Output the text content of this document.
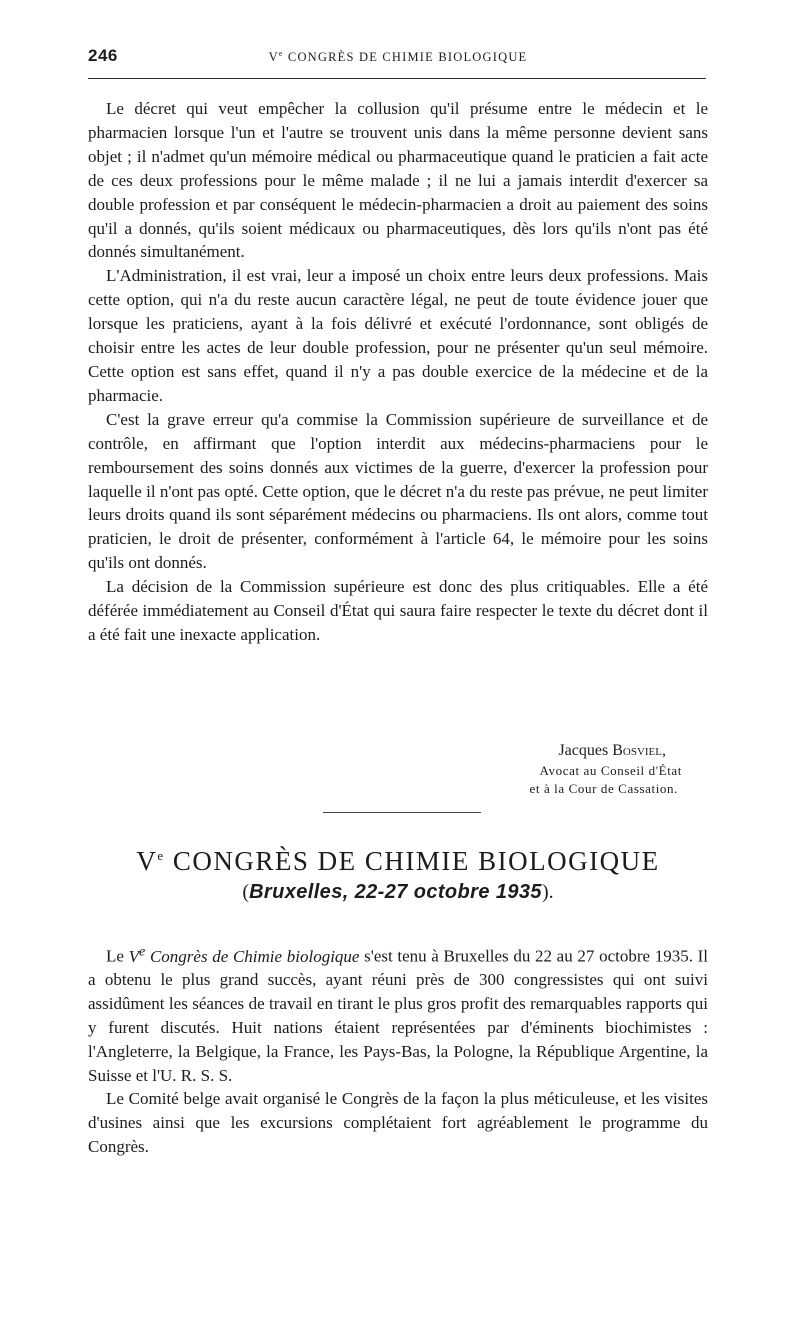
246	Ve CONGRÈS DE CHIMIE BIOLOGIQUE

Le décret qui veut empêcher la collusion qu'il présume entre le médecin et le pharmacien lorsque l'un et l'autre se trouvent unis dans la même personne devient sans objet ; il n'admet qu'un mémoire médical ou pharmaceutique quand le praticien a fait acte de ces deux professions pour le même malade ; il ne lui a jamais interdit d'exercer sa double profession et par conséquent le médecin-pharmacien a droit au paiement des soins qu'il a donnés, qu'ils soient médicaux ou pharmaceutiques, dès lors qu'ils n'ont pas été donnés simultanément.

L'Administration, il est vrai, leur a imposé un choix entre leurs deux professions. Mais cette option, qui n'a du reste aucun caractère légal, ne peut de toute évidence jouer que lorsque les praticiens, ayant à la fois délivré et exécuté l'ordonnance, sont obligés de choisir entre les actes de leur double profession, pour ne présenter qu'un seul mémoire. Cette option est sans effet, quand il n'y a pas double exercice de la médecine et de la pharmacie.

C'est la grave erreur qu'a commise la Commission supérieure de surveillance et de contrôle, en affirmant que l'option interdit aux médecins-pharmaciens pour le remboursement des soins donnés aux victimes de la guerre, d'exercer la profession pour laquelle il n'ont pas opté. Cette option, que le décret n'a du reste pas prévue, ne peut limiter leurs droits quand ils sont séparément médecins ou pharmaciens. Ils ont alors, comme tout praticien, le droit de présenter, conformément à l'article 64, le mémoire pour les soins qu'ils ont donnés.

La décision de la Commission supérieure est donc des plus critiquables. Elle a été déférée immédiatement au Conseil d'État qui saura faire respecter le texte du décret dont il a été fait une inexacte application.

Jacques Bosviel,
Avocat au Conseil d'État
et à la Cour de Cassation.
Ve CONGRÈS DE CHIMIE BIOLOGIQUE
(Bruxelles, 22-27 octobre 1935).

Le Ve Congrès de Chimie biologique s'est tenu à Bruxelles du 22 au 27 octobre 1935. Il a obtenu le plus grand succès, ayant réuni près de 300 congressistes qui ont suivi assidûment les séances de travail en tirant le plus gros profit des remarquables rapports qui y furent discutés. Huit nations étaient représentées par d'éminents biochimistes : l'Angleterre, la Belgique, la France, les Pays-Bas, la Pologne, la République Argentine, la Suisse et l'U. R. S. S.

Le Comité belge avait organisé le Congrès de la façon la plus méticuleuse, et les visites d'usines ainsi que les excursions complétaient fort agréablement le programme du Congrès.
